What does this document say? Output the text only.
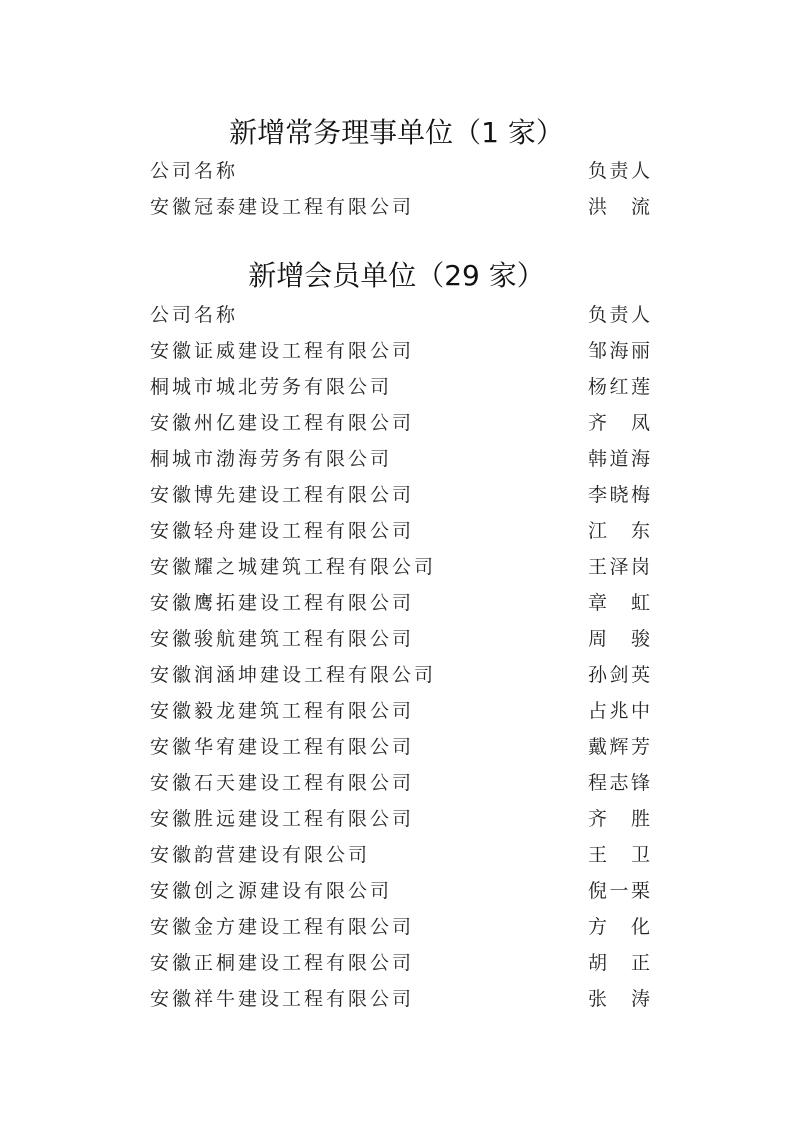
新增常务理事单位（1 家）
公司名称	负责人
安徽冠泰建设工程有限公司	洪 流
新增会员单位（29 家）
公司名称	负责人
安徽证威建设工程有限公司	邹海丽
桐城市城北劳务有限公司	杨红莲
安徽州亿建设工程有限公司	齐 凤
桐城市渤海劳务有限公司	韩道海
安徽博先建设工程有限公司	李晓梅
安徽轻舟建设工程有限公司	江 东
安徽耀之城建筑工程有限公司	王泽岗
安徽鹰拓建设工程有限公司	章 虹
安徽骏航建筑工程有限公司	周 骏
安徽润涵坤建设工程有限公司	孙剑英
安徽毅龙建筑工程有限公司	占兆中
安徽华宥建设工程有限公司	戴辉芳
安徽石天建设工程有限公司	程志锋
安徽胜远建设工程有限公司	齐 胜
安徽韵营建设有限公司	王 卫
安徽创之源建设有限公司	倪一栗
安徽金方建设工程有限公司	方 化
安徽正桐建设工程有限公司	胡 正
安徽祥牛建设工程有限公司	张 涛
